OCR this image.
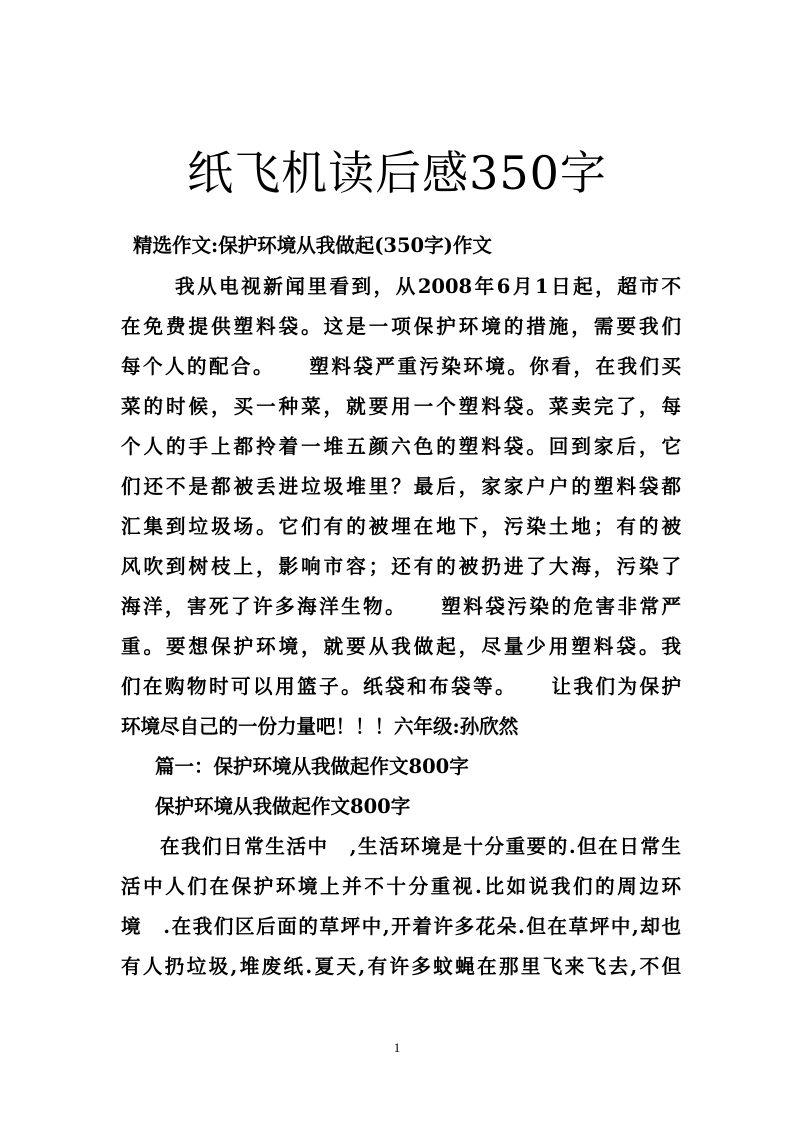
纸飞机读后感350字
精选作文:保护环境从我做起(350字)作文
我从电视新闻里看到，从2008年6月1日起，超市不
在免费提供塑料袋。这是一项保护环境的措施，需要我们
每个人的配合。　　塑料袋严重污染环境。你看，在我们买
菜的时候，买一种菜，就要用一个塑料袋。菜卖完了，每
个人的手上都拎着一堆五颜六色的塑料袋。回到家后，它
们还不是都被丢进垃圾堆里？最后，家家户户的塑料袋都
汇集到垃圾场。它们有的被埋在地下，污染土地；有的被
风吹到树枝上，影响市容；还有的被扔进了大海，污染了
海洋，害死了许多海洋生物。　　塑料袋污染的危害非常严
重。要想保护环境，就要从我做起，尽量少用塑料袋。我
们在购物时可以用篮子。纸袋和布袋等。　　让我们为保护
环境尽自己的一份力量吧！！！六年级:孙欣然
篇一：保护环境从我做起作文800字
保护环境从我做起作文800字
在我们日常生活中　,生活环境是十分重要的.但在日常生
活中人们在保护环境上并不十分重视.比如说我们的周边环
境　.在我们区后面的草坪中,开着许多花朵.但在草坪中,却也
有人扔垃圾,堆废纸.夏天,有许多蚊蝇在那里飞来飞去,不但
1
